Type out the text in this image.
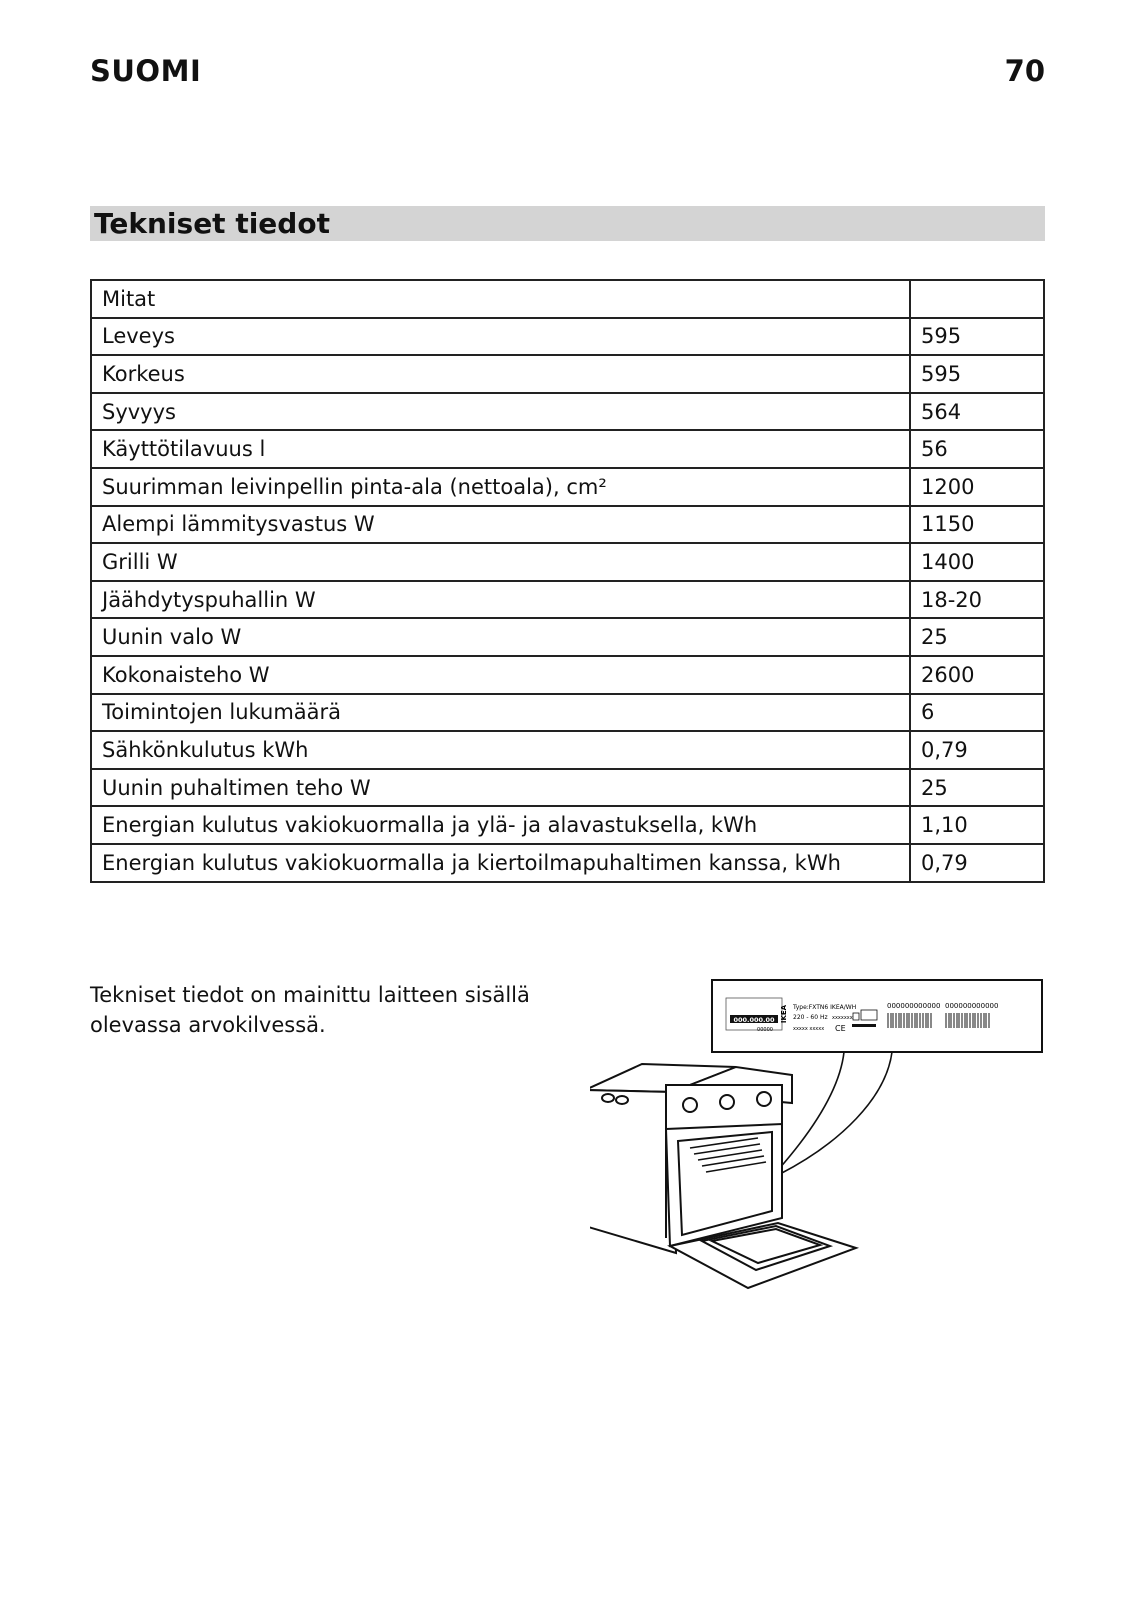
SUOMI	70
Tekniset tiedot
Mitat	
Leveys	595
Korkeus	595
Syvyys	564
Käyttötilavuus l	56
Suurimman leivinpellin pinta-ala (nettoala), cm²	1200
Alempi lämmitysvastus W	1150
Grilli W	1400
Jäähdytyspuhallin W	18-20
Uunin valo W	25
Kokonaisteho W	2600
Toimintojen lukumäärä	6
Sähkönkulutus kWh	0,79
Uunin puhaltimen teho W	25
Energian kulutus vakiokuormalla ja ylä- ja alavastuksella, kWh	1,10
Energian kulutus vakiokuormalla ja kiertoilmapuhaltimen kanssa, kWh	0,79
Tekniset tiedot on mainittu laitteen sisällä olevassa arvokilvessä.	000.000.00
00000
IKEA Type:FXTN6 IKEA/WH
220 - 60 Hz xxxxxxx
xxxxx xxxxx CE
000000000000 000000000000
